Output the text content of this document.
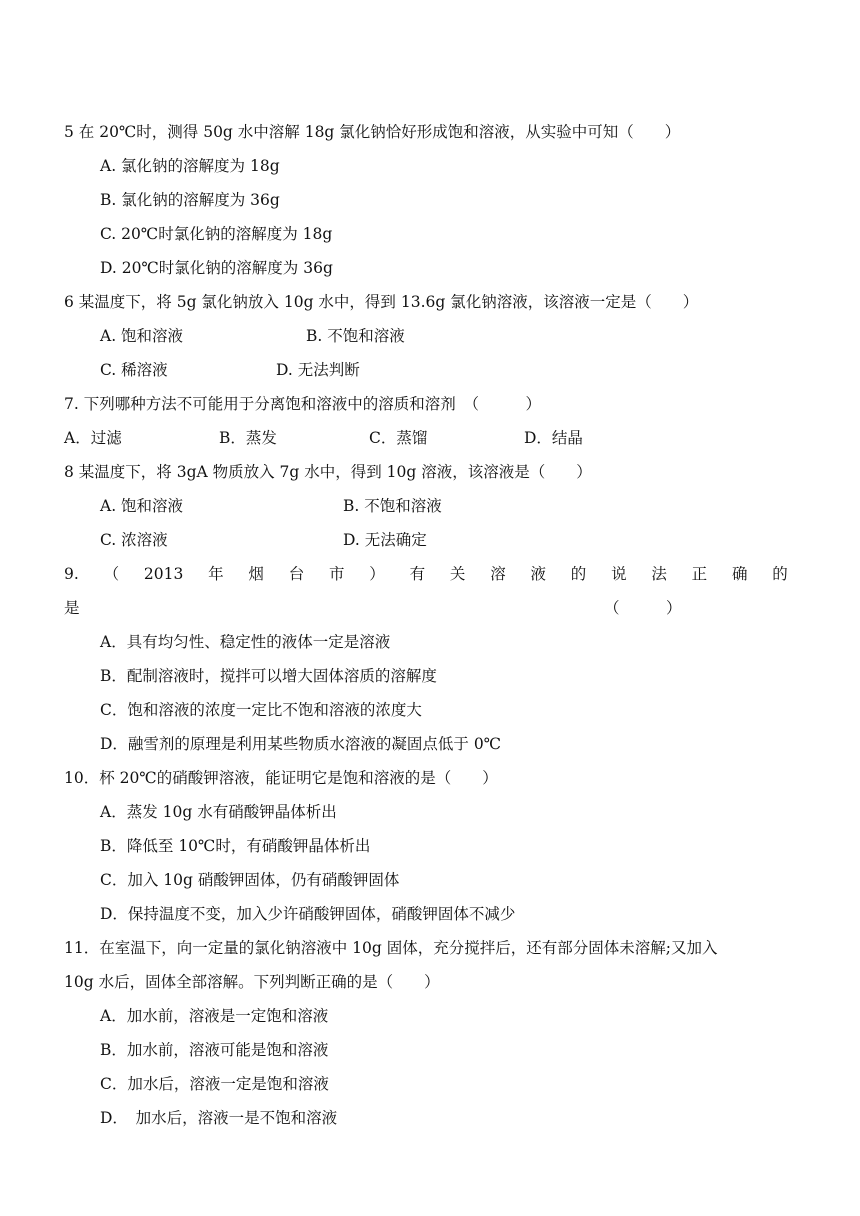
5 在 20℃时，测得 50g 水中溶解 18g 氯化钠恰好形成饱和溶液，从实验中可知（　　）
A. 氯化钠的溶解度为 18g
B. 氯化钠的溶解度为 36g
C. 20℃时氯化钠的溶解度为 18g
D. 20℃时氯化钠的溶解度为 36g
6 某温度下，将 5g 氯化钠放入 10g 水中，得到 13.6g 氯化钠溶液，该溶液一定是（　　）
A. 饱和溶液	B. 不饱和溶液
C. 稀溶液	D. 无法判断
7. 下列哪种方法不可能用于分离饱和溶液中的溶质和溶剂　（　　　）
A．过滤	B．蒸发	C．蒸馏	D．结晶
8 某温度下，将 3gA 物质放入 7g 水中，得到 10g 溶液，该溶液是（　　）
A. 饱和溶液	B. 不饱和溶液
C. 浓溶液	D. 无法确定
9. （ 2013 年 烟 台 市 ） 有 关 溶 液 的 说 法 正 确 的
是	（　　　）
A．具有均匀性、稳定性的液体一定是溶液
B．配制溶液时，搅拌可以增大固体溶质的溶解度
C．饱和溶液的浓度一定比不饱和溶液的浓度大
D．融雪剂的原理是利用某些物质水溶液的凝固点低于 0℃
10．杯 20℃的硝酸钾溶液，能证明它是饱和溶液的是（　　）
A．蒸发 10g 水有硝酸钾晶体析出
B．降低至 10℃时，有硝酸钾晶体析出
C．加入 10g 硝酸钾固体，仍有硝酸钾固体
D．保持温度不变，加入少许硝酸钾固体，硝酸钾固体不减少
11．在室温下，向一定量的氯化钠溶液中 10g 固体，充分搅拌后，还有部分固体未溶解;又加入
10g 水后，固体全部溶解。下列判断正确的是（　　）
A．加水前，溶液是一定饱和溶液
B．加水前，溶液可能是饱和溶液
C．加水后，溶液一定是饱和溶液
D．　加水后，溶液一是不饱和溶液
